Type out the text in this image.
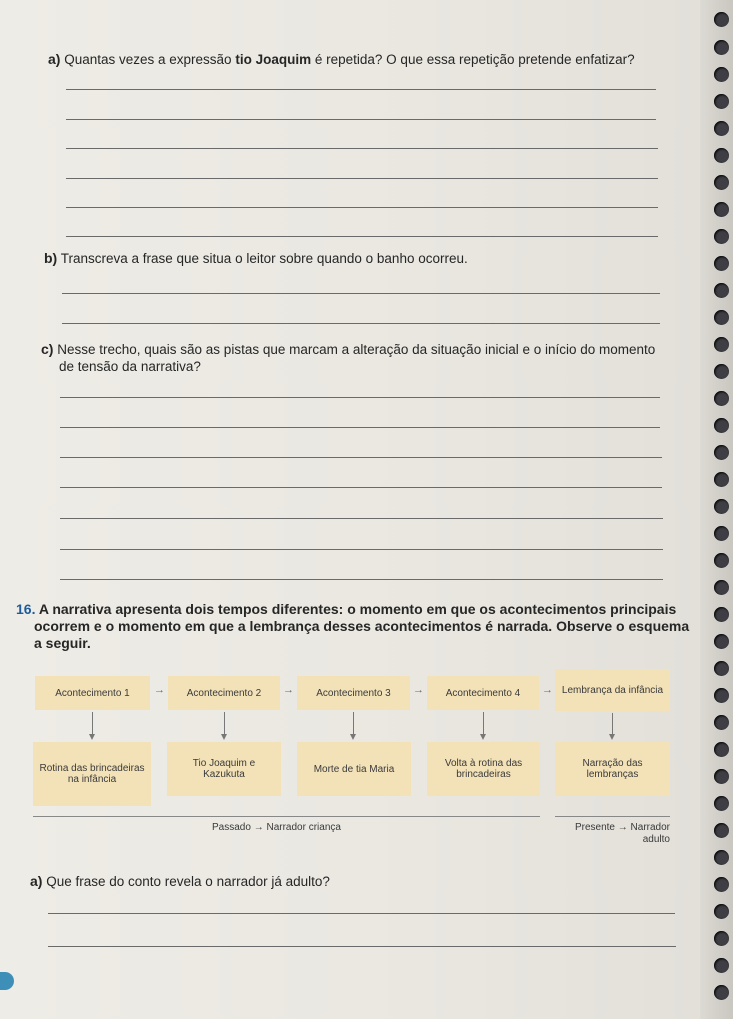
a) Quantas vezes a expressão tio Joaquim é repetida? O que essa repetição pretende enfatizar?
b) Transcreva a frase que situa o leitor sobre quando o banho ocorreu.
c) Nesse trecho, quais são as pistas que marcam a alteração da situação inicial e o início do momento
de tensão da narrativa?
16. A narrativa apresenta dois tempos diferentes: o momento em que os acontecimentos principais
ocorrem e o momento em que a lembrança desses acontecimentos é narrada. Observe o esquema
a seguir.
Acontecimento 1 → Acontecimento 2 → Acontecimento 3 → Acontecimento 4 → Lembrança da infância
Rotina das brincadeiras na infância
Tio Joaquim e Kazukuta	Morte de tia Maria	Volta à rotina das brincadeiras
Narração das lembranças
Passado → Narrador criança	Presente → Narrador
adulto
a) Que frase do conto revela o narrador já adulto?
